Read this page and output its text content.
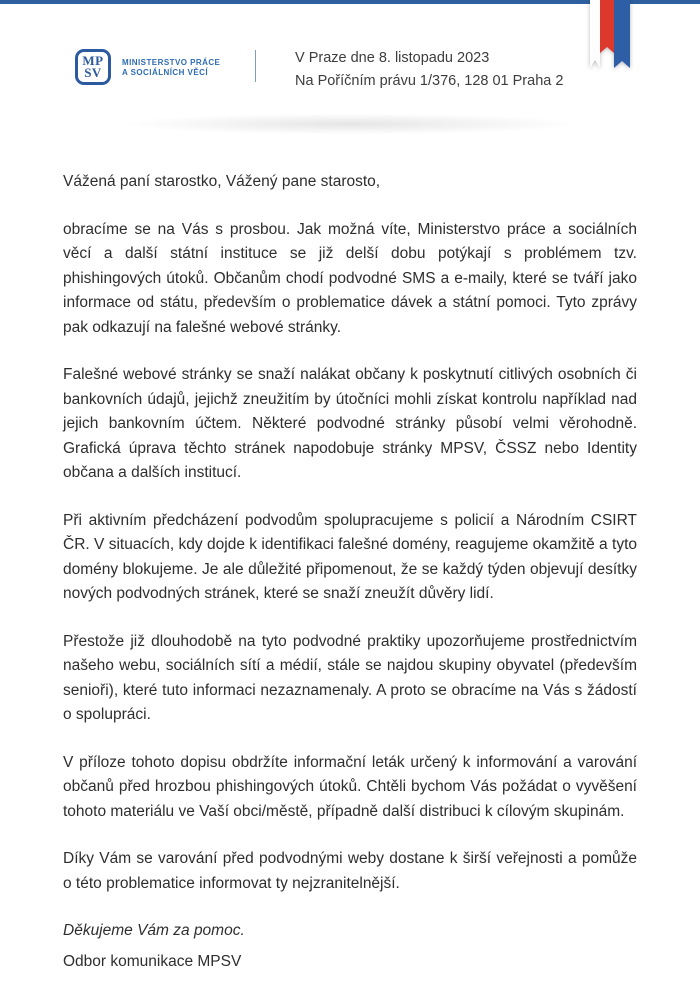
MP
SV
MINISTERSTVO PRÁCE
A SOCIÁLNÍCH VĚCÍ
V Praze dne 8. listopadu 2023
Na Poříčním právu 1/376, 128 01 Praha 2

Vážená paní starostko, Vážený pane starosto,

obracíme se na Vás s prosbou. Jak možná víte, Ministerstvo práce a sociálních věcí a další státní instituce se již delší dobu potýkají s problémem tzv. phishingových útoků. Občanům chodí podvodné SMS a e-maily, které se tváří jako informace od státu, především o problematice dávek a státní pomoci. Tyto zprávy pak odkazují na falešné webové stránky.

Falešné webové stránky se snaží nalákat občany k poskytnutí citlivých osobních či bankovních údajů, jejichž zneužitím by útočníci mohli získat kontrolu například nad jejich bankovním účtem. Některé podvodné stránky působí velmi věrohodně. Grafická úprava těchto stránek napodobuje stránky MPSV, ČSSZ nebo Identity občana a dalších institucí.

Při aktivním předcházení podvodům spolupracujeme s policií a Národním CSIRT ČR. V situacích, kdy dojde k identifikaci falešné domény, reagujeme okamžitě a tyto domény blokujeme. Je ale důležité připomenout, že se každý týden objevují desítky nových podvodných stránek, které se snaží zneužít důvěry lidí.

Přestože již dlouhodobě na tyto podvodné praktiky upozorňujeme prostřednictvím našeho webu, sociálních sítí a médií, stále se najdou skupiny obyvatel (především senioři), které tuto informaci nezaznamenaly. A proto se obracíme na Vás s žádostí o spolupráci.

V příloze tohoto dopisu obdržíte informační leták určený k informování a varování občanů před hrozbou phishingových útoků. Chtěli bychom Vás požádat o vyvěšení tohoto materiálu ve Vaší obci/městě, případně další distribuci k cílovým skupinám.

Díky Vám se varování před podvodnými weby dostane k širší veřejnosti a pomůže o této problematice informovat ty nejzranitelnější.

Děkujeme Vám za pomoc.

Odbor komunikace MPSV
